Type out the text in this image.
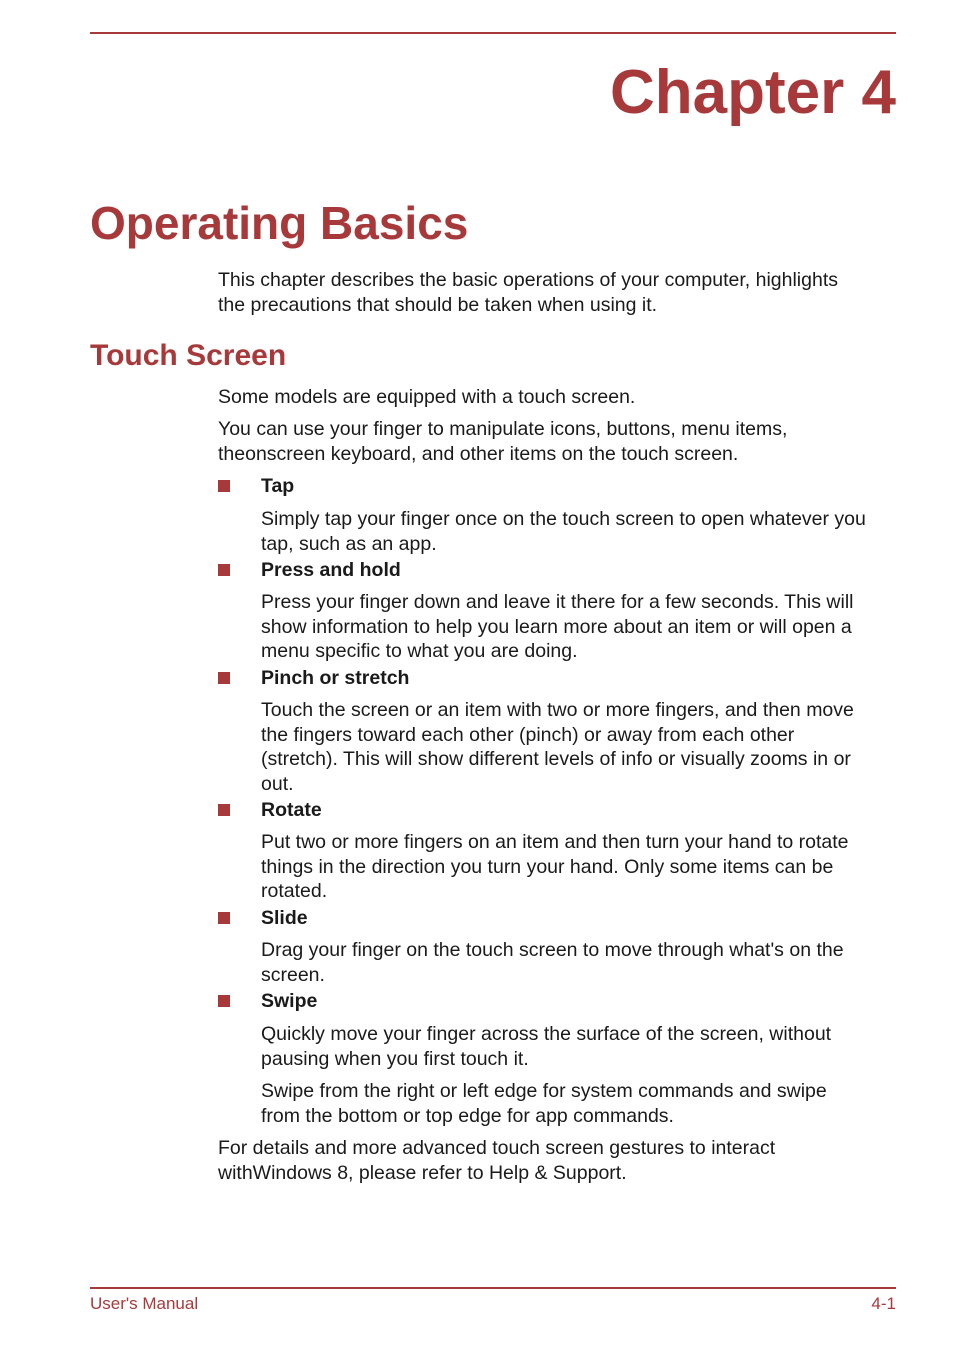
Chapter 4
Operating Basics
This chapter describes the basic operations of your computer, highlights
the precautions that should be taken when using it.
Touch Screen
Some models are equipped with a touch screen.
You can use your finger to manipulate icons, buttons, menu items,
theonscreen keyboard, and other items on the touch screen.
Tap
Simply tap your finger once on the touch screen to open whatever you
tap, such as an app.
Press and hold
Press your finger down and leave it there for a few seconds. This will
show information to help you learn more about an item or will open a
menu specific to what you are doing.
Pinch or stretch
Touch the screen or an item with two or more fingers, and then move
the fingers toward each other (pinch) or away from each other
(stretch). This will show different levels of info or visually zooms in or
out.
Rotate
Put two or more fingers on an item and then turn your hand to rotate
things in the direction you turn your hand. Only some items can be
rotated.
Slide
Drag your finger on the touch screen to move through what's on the
screen.
Swipe
Quickly move your finger across the surface of the screen, without
pausing when you first touch it.
Swipe from the right or left edge for system commands and swipe
from the bottom or top edge for app commands.
For details and more advanced touch screen gestures to interact
withWindows 8, please refer to Help & Support.
User's Manual	4-1
